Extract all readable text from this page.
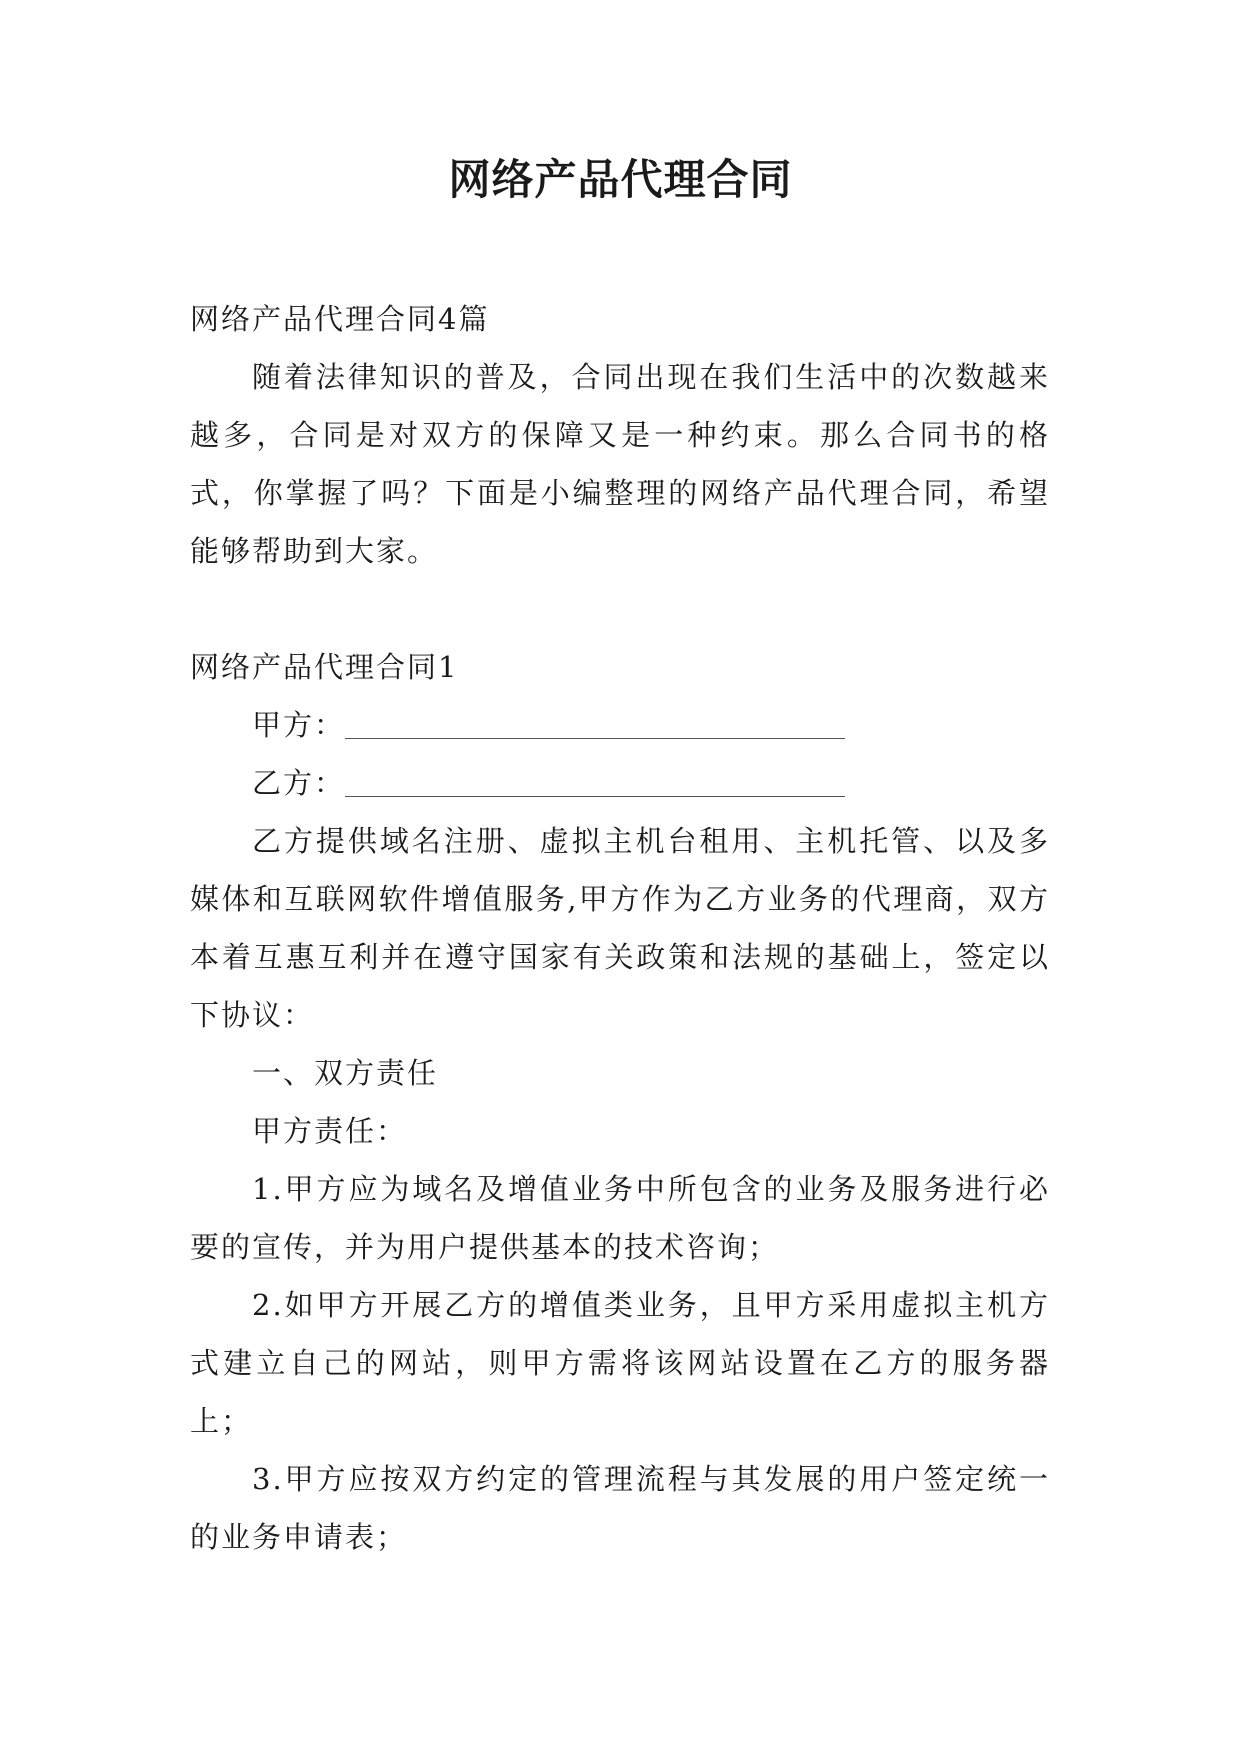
网络产品代理合同

网络产品代理合同4篇

随着法律知识的普及，合同出现在我们生活中的次数越来越多，合同是对双方的保障又是一种约束。那么合同书的格式，你掌握了吗？下面是小编整理的网络产品代理合同，希望能够帮助到大家。

网络产品代理合同1

甲方：

乙方：

乙方提供域名注册、虚拟主机台租用、主机托管、以及多媒体和互联网软件增值服务,甲方作为乙方业务的代理商，双方本着互惠互利并在遵守国家有关政策和法规的基础上，签定以下协议：

一、双方责任

甲方责任：

1.甲方应为域名及增值业务中所包含的业务及服务进行必要的宣传，并为用户提供基本的技术咨询；

2.如甲方开展乙方的增值类业务，且甲方采用虚拟主机方式建立自己的网站，则甲方需将该网站设置在乙方的服务器上；

3.甲方应按双方约定的管理流程与其发展的用户签定统一的业务申请表；
